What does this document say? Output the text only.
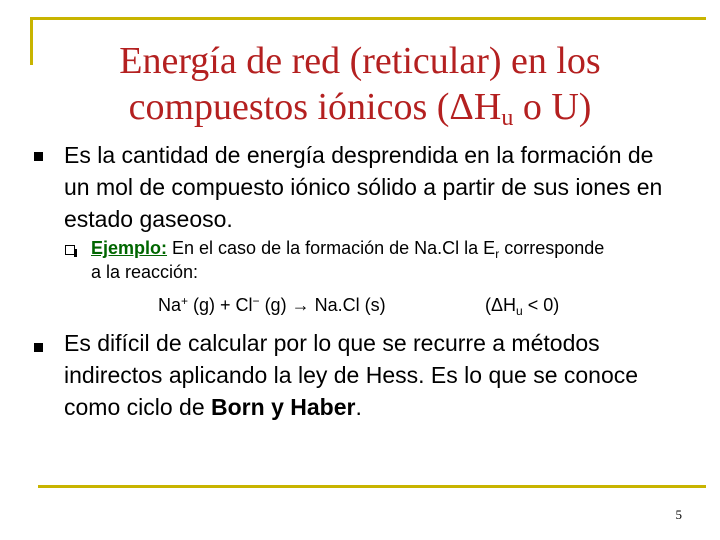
Energía de red (reticular) en los
compuestos iónicos ($\Delta H_u$ o U)
Es la cantidad de energía desprendida en la formación de un mol de compuesto iónico sólido a partir de sus iones en estado gaseoso.
Ejemplo: En el caso de la formación de Na.Cl la $E_r$ corresponde a la reacción:
Na+ (g) + Cl− (g) → Na.Cl (s)	$(\Delta H_u < 0)$
Es difícil de calcular por lo que se recurre a métodos indirectos aplicando la ley de Hess. Es lo que se conoce como ciclo de Born y Haber.
5
